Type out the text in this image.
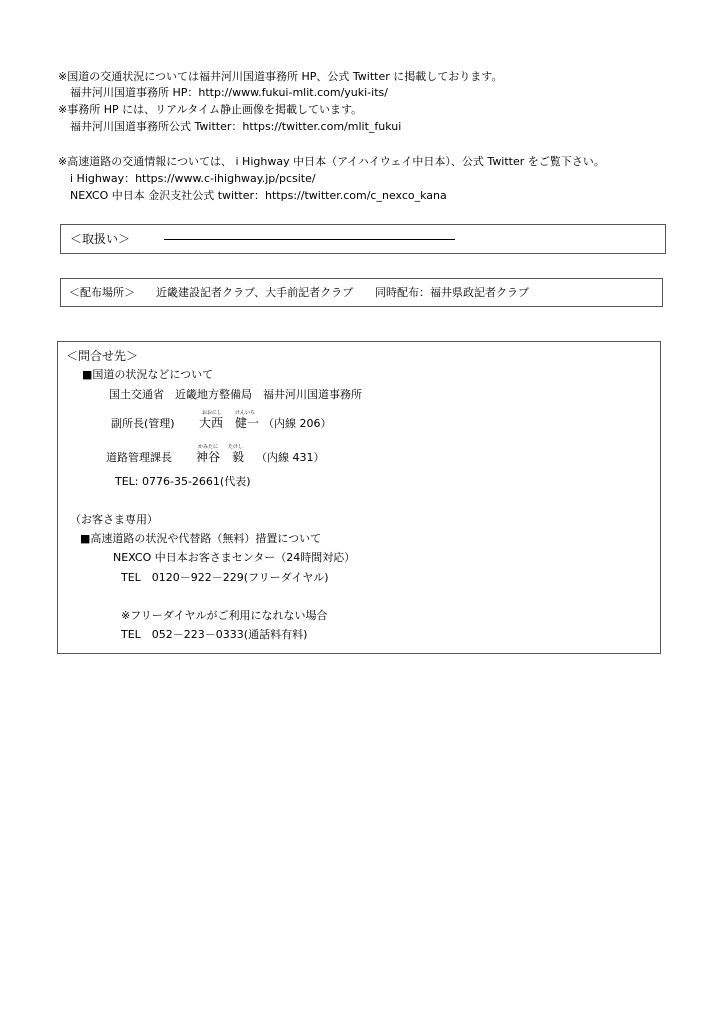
※国道の交通状況については福井河川国道事務所 HP、公式 Twitter に掲載しております。
福井河川国道事務所 HP：http://www.fukui-mlit.com/yuki-its/
※事務所 HP には、リアルタイム静止画像を掲載しています。
福井河川国道事務所公式 Twitter：https://twitter.com/mlit_fukui
※高速道路の交通情報については、 i Highway 中日本（アイハイウェイ中日本）、公式 Twitter をご覧下さい。
i Highway：https://www.c-ihighway.jp/pcsite/
NEXCO 中日本 金沢支社公式 twitter：https://twitter.com/c_nexco_kana
＜取扱い＞
＜配布場所＞ 近畿建設記者クラブ、大手前記者クラブ 同時配布：福井県政記者クラブ
＜問合せ先＞
■国道の状況などについて
国土交通省　近畿地方整備局　福井河川国道事務所
副所長(管理)
おおにし	けんいち
大西　健一 （内線 206）
道路管理課長
かみたに たけし
神谷　毅 （内線 431）
TEL: 0776-35-2661(代表)
（お客さま専用）
■高速道路の状況や代替路（無料）措置について
NEXCO 中日本お客さまセンター（24時間対応）
TEL　0120－922－229(フリーダイヤル)
※フリーダイヤルがご利用になれない場合
TEL　052－223－0333(通話料有料)
